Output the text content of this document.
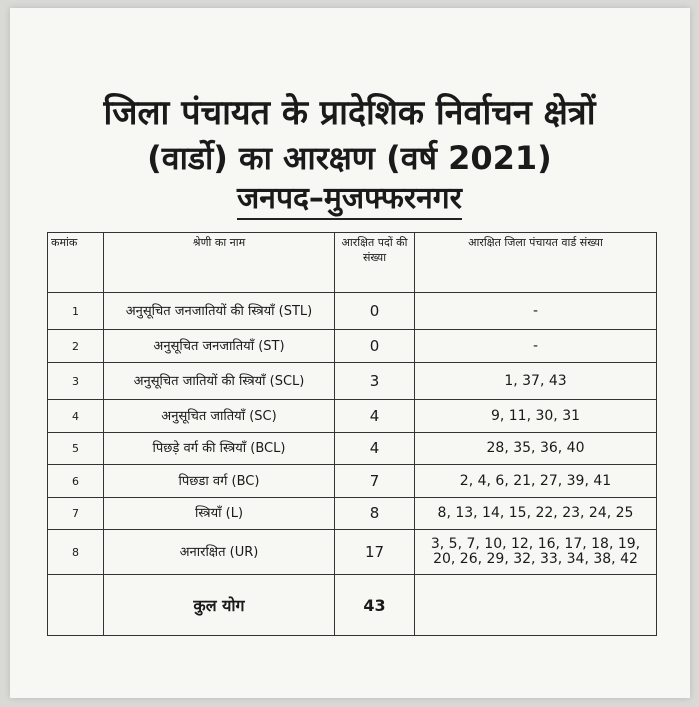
जिला पंचायत के प्रादेशिक निर्वाचन क्षेत्रों
(वार्डो) का आरक्षण (वर्ष 2021)
जनपद–मुजफ्फरनगर
कमांक	श्रेणी का नाम	आरक्षित पदों की संख्या	आरक्षित जिला पंचायत वार्ड संख्या
1	अनुसूचित जनजातियों की स्त्रियाँ (STL)	0	-
2	अनुसूचित जनजातियाँ (ST)	0	-
3	अनुसूचित जातियों की स्त्रियाँ (SCL)	3	1, 37, 43
4	अनुसूचित जातियाँ (SC)	4	9, 11, 30, 31
5	पिछड़े वर्ग की स्त्रियाँ (BCL)	4	28, 35, 36, 40
6	पिछडा वर्ग (BC)	7	2, 4, 6, 21, 27, 39, 41
7	स्त्रियाँ (L)	8	8, 13, 14, 15, 22, 23, 24, 25
8	अनारक्षित (UR)	17	3, 5, 7, 10, 12, 16, 17, 18, 19, 20, 26, 29, 32, 33, 34, 38, 42
	कुल योग	43	
